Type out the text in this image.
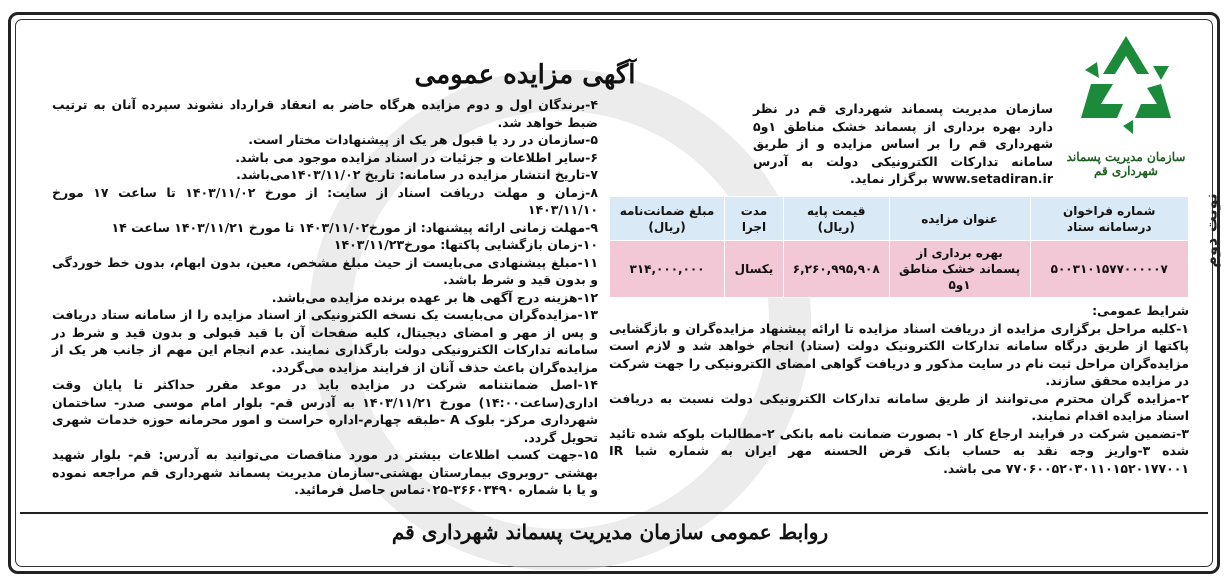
نوبت دوم
سازمان مدیریت پسماند شهرداری قم
آگهی مزایده عمومی
سازمان مدیریت پسماند شهرداری قم در نظر دارد بهره برداری از پسماند خشک مناطق ۱و۵ شهرداری قم را بر اساس مزایده و از طریق سامانه تدارکات الکترونیکی دولت به آدرس www.setadiran.ir برگزار نماید.
شماره فراخوان درسامانه ستاد	عنوان مزایده	قیمت پایه (ریال)	مدت اجرا	مبلغ ضمانت‌نامه (ریال)
۵۰۰۳۱۰۱۵۷۷۰۰۰۰۰۷	بهره برداری از پسماند خشک مناطق ۱و۵	۶,۲۶۰,۹۹۵,۹۰۸	یکسال	۳۱۴,۰۰۰,۰۰۰

شرایط عمومی:

۱-کلیه مراحل برگزاری مزایده از دریافت اسناد مزایده تا ارائه پیشنهاد مزایده‌گران و بازگشایی پاکتها از طریق درگاه سامانه تدارکات الکترونیک دولت (ستاد) انجام خواهد شد و لازم است مزایده‌گران مراحل ثبت نام در سایت مذکور و دریافت گواهی امضای الکترونیکی را جهت شرکت در مزایده محقق سازند.

۲-مزایده گران محترم می‌توانند از طریق سامانه تدارکات الکترونیکی دولت نسبت به دریافت اسناد مزایده اقدام نمایند.

۳-تضمین شرکت در فرایند ارجاع کار ۱- بصورت ضمانت نامه بانکی ۲-مطالبات بلوکه شده تائید شده ۳-واریز وجه نقد به حساب بانک قرض الحسنه مهر ایران به شماره شبا IR ۷۷۰۶۰۰۵۲۰۳۰۱۱۰۱۵۲۰۱۷۷۰۰۱ می باشد.

۴-برندگان اول و دوم مزایده هرگاه حاضر به انعقاد قرارداد نشوند سپرده آنان به ترتیب ضبط خواهد شد.

۵-سازمان در رد یا قبول هر یک از پیشنهادات مختار است.

۶-سایر اطلاعات و جزئیات در اسناد مزایده موجود می باشد.

۷-تاریخ انتشار مزایده در سامانه: تاریخ ۱۴۰۳/۱۱/۰۲می‌باشد.

۸-زمان و مهلت دریافت اسناد از سایت: از مورخ ۱۴۰۳/۱۱/۰۲ تا ساعت ۱۷ مورخ ۱۴۰۳/۱۱/۱۰

۹-مهلت زمانی ارائه پیشنهاد: از مورخ۱۴۰۳/۱۱/۰۲ تا مورخ ۱۴۰۳/۱۱/۲۱ ساعت ۱۴

۱۰-زمان بازگشایی پاکتها: مورخ۱۴۰۳/۱۱/۲۳

۱۱-مبلغ پیشنهادی می‌بایست از حیث مبلغ مشخص، معین، بدون ابهام، بدون خط خوردگی و بدون قید و شرط باشد.

۱۲-هزینه درج آگهی ها بر عهده برنده مزایده می‌باشد.

۱۳-مزایده‌گران می‌بایست یک نسخه الکترونیکی از اسناد مزایده را از سامانه ستاد دریافت و پس از مهر و امضای دیجیتال، کلیه صفحات آن با قید قبولی و بدون قید و شرط در سامانه تدارکات الکترونیکی دولت بارگذاری نمایند. عدم انجام این مهم از جانب هر یک از مزایده‌گران باعث حذف آنان از فرایند مزایده می‌گردد.

۱۴-اصل ضمانتنامه شرکت در مزایده باید در موعد مقرر حداکثر تا پایان وقت اداری(ساعت۱۴:۰۰) مورخ ۱۴۰۳/۱۱/۲۱ به آدرس قم- بلوار امام موسی صدر- ساختمان شهرداری مرکز- بلوک A -طبقه چهارم-اداره حراست و امور محرمانه حوزه خدمات شهری تحویل گردد.

۱۵-جهت کسب اطلاعات بیشتر در مورد مناقصات می‌توانید به آدرس: قم- بلوار شهید بهشتی -روبروی بیمارستان بهشتی-سازمان مدیریت پسماند شهرداری قم مراجعه نموده و یا با شماره ۳۶۶۰۳۴۹۰-۰۲۵تماس حاصل فرمائید.

روابط عمومی سازمان مدیریت پسماند شهرداری قم
